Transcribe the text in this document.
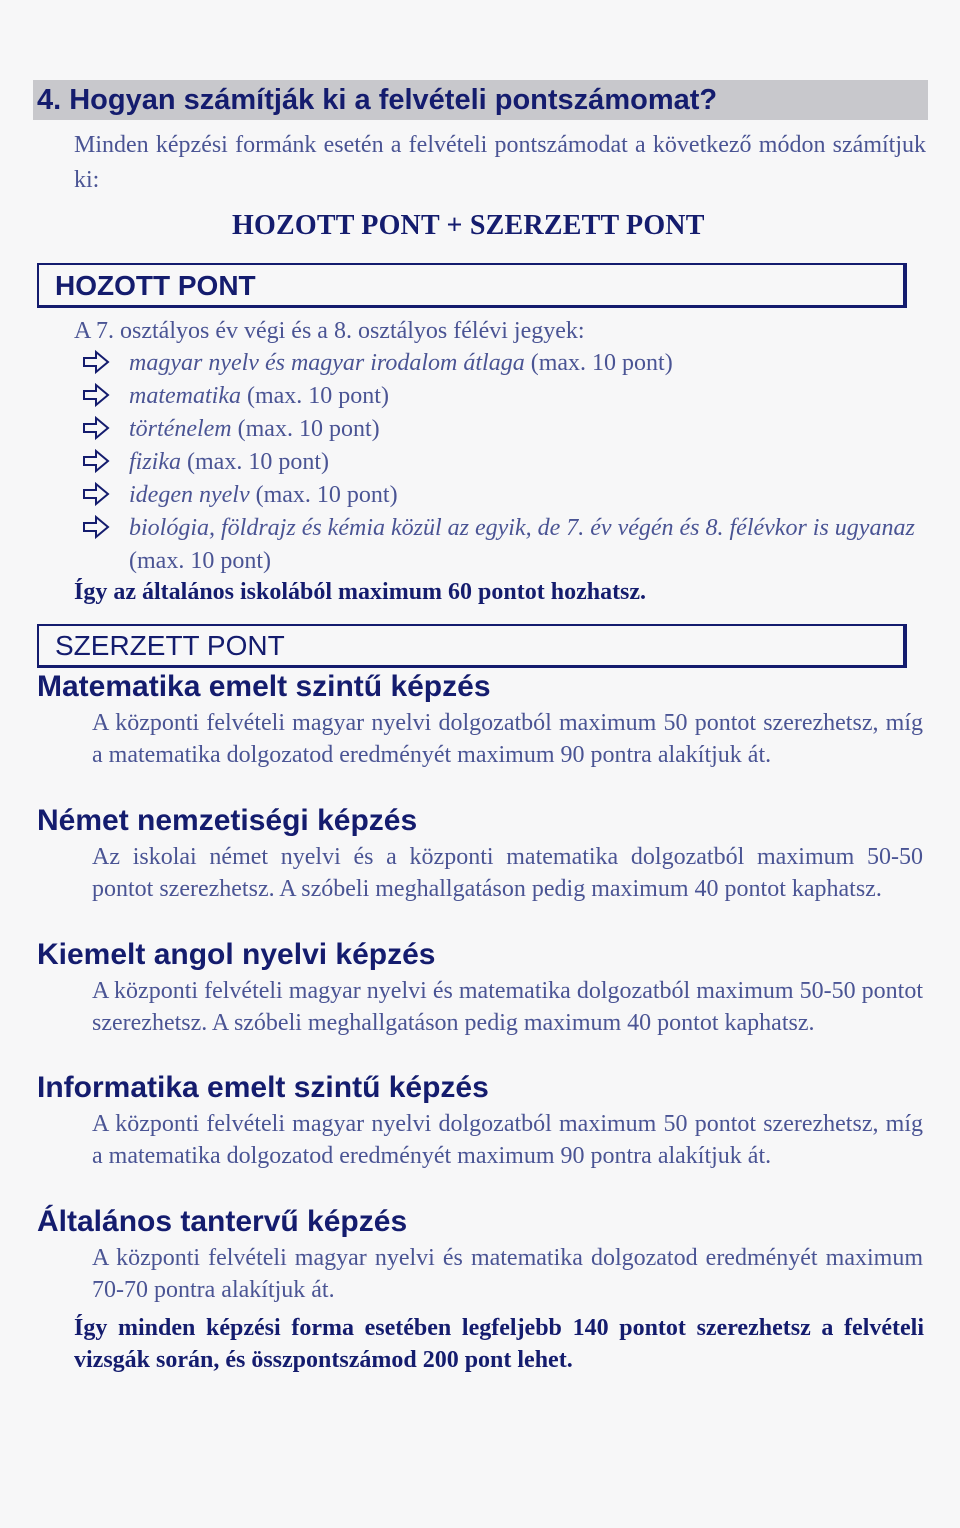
4. Hogyan számítják ki a felvételi pontszámomat?
Minden képzési formánk esetén a felvételi pontszámodat a következő módon számítjuk ki:
HOZOTT PONT + SZERZETT PONT
HOZOTT PONT
A 7. osztályos év végi és a 8. osztályos félévi jegyek:
magyar nyelv és magyar irodalom átlaga (max. 10 pont)
matematika (max. 10 pont)
történelem (max. 10 pont)
fizika (max. 10 pont)
idegen nyelv (max. 10 pont)
biológia, földrajz és kémia közül az egyik, de 7. év végén és 8. félévkor is ugyanaz (max. 10 pont)
Így az általános iskolából maximum 60 pontot hozhatsz.
SZERZETT PONT
Matematika emelt szintű képzés
A központi felvételi magyar nyelvi dolgozatból maximum 50 pontot szerezhetsz, míg a matematika dolgozatod eredményét maximum 90 pontra alakítjuk át.
Német nemzetiségi képzés
Az iskolai német nyelvi és a központi matematika dolgozatból maximum 50-50 pontot szerezhetsz. A szóbeli meghallgatáson pedig maximum 40 pontot kaphatsz.
Kiemelt angol nyelvi képzés
A központi felvételi magyar nyelvi és matematika dolgozatból maximum 50-50 pontot szerezhetsz. A szóbeli meghallgatáson pedig maximum 40 pontot kaphatsz.
Informatika emelt szintű képzés
A központi felvételi magyar nyelvi dolgozatból maximum 50 pontot szerezhetsz, míg a matematika dolgozatod eredményét maximum 90 pontra alakítjuk át.
Általános tantervű képzés
A központi felvételi magyar nyelvi és matematika dolgozatod eredményét maximum 70-70 pontra alakítjuk át.
Így minden képzési forma esetében legfeljebb 140 pontot szerezhetsz a felvételi vizsgák során, és összpontszámod 200 pont lehet.
